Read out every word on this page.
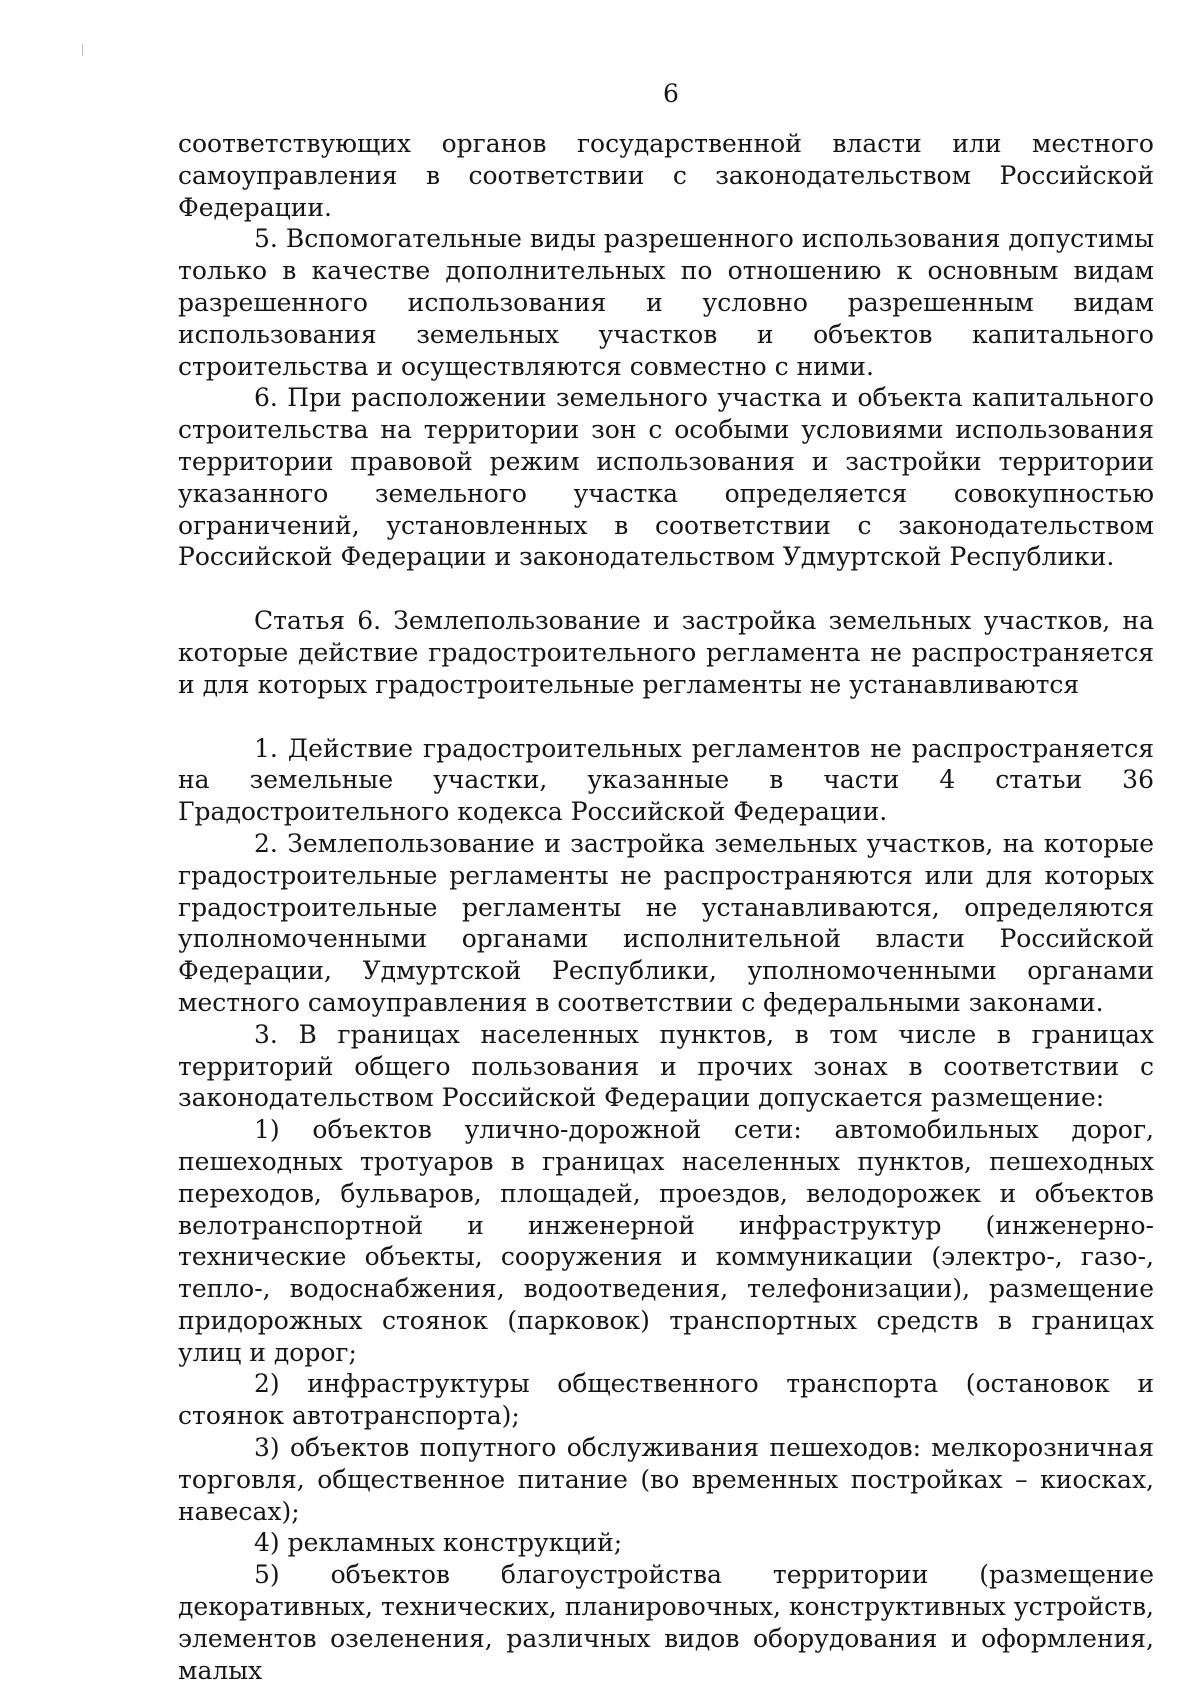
6

соответствующих органов государственной власти или местного самоуправления в соответствии с законодательством Российской Федерации.

5. Вспомогательные виды разрешенного использования допустимы только в качестве дополнительных по отношению к основным видам разрешенного использования и условно разрешенным видам использования земельных участков и объектов капитального строительства и осуществляются совместно с ними.

6. При расположении земельного участка и объекта капитального строительства на территории зон с особыми условиями использования территории правовой режим использования и застройки территории указанного земельного участка определяется совокупностью ограничений, установленных в соответствии с законодательством Российской Федерации и законодательством Удмуртской Республики.

Статья 6. Землепользование и застройка земельных участков, на которые действие градостроительного регламента не распространяется и для которых градостроительные регламенты не устанавливаются

1. Действие градостроительных регламентов не распространяется на земельные участки, указанные в части 4 статьи 36 Градостроительного кодекса Российской Федерации.

2. Землепользование и застройка земельных участков, на которые градостроительные регламенты не распространяются или для которых градостроительные регламенты не устанавливаются, определяются уполномоченными органами исполнительной власти Российской Федерации, Удмуртской Республики, уполномоченными органами местного самоуправления в соответствии с федеральными законами.

3. В границах населенных пунктов, в том числе в границах территорий общего пользования и прочих зонах в соответствии с законодательством Российской Федерации допускается размещение:

1) объектов улично-дорожной сети: автомобильных дорог, пешеходных тротуаров в границах населенных пунктов, пешеходных переходов, бульваров, площадей, проездов, велодорожек и объектов велотранспортной и инженерной инфраструктур (инженерно-технические объекты, сооружения и коммуникации (электро-, газо-, тепло-, водоснабжения, водоотведения, телефонизации), размещение придорожных стоянок (парковок) транспортных средств в границах улиц и дорог;

2) инфраструктуры общественного транспорта (остановок и стоянок автотранспорта);

3) объектов попутного обслуживания пешеходов: мелкорозничная торговля, общественное питание (во временных постройках – киосках, навесах);

4) рекламных конструкций;

5) объектов благоустройства территории (размещение декоративных, технических, планировочных, конструктивных устройств, элементов озеленения, различных видов оборудования и оформления, малых
